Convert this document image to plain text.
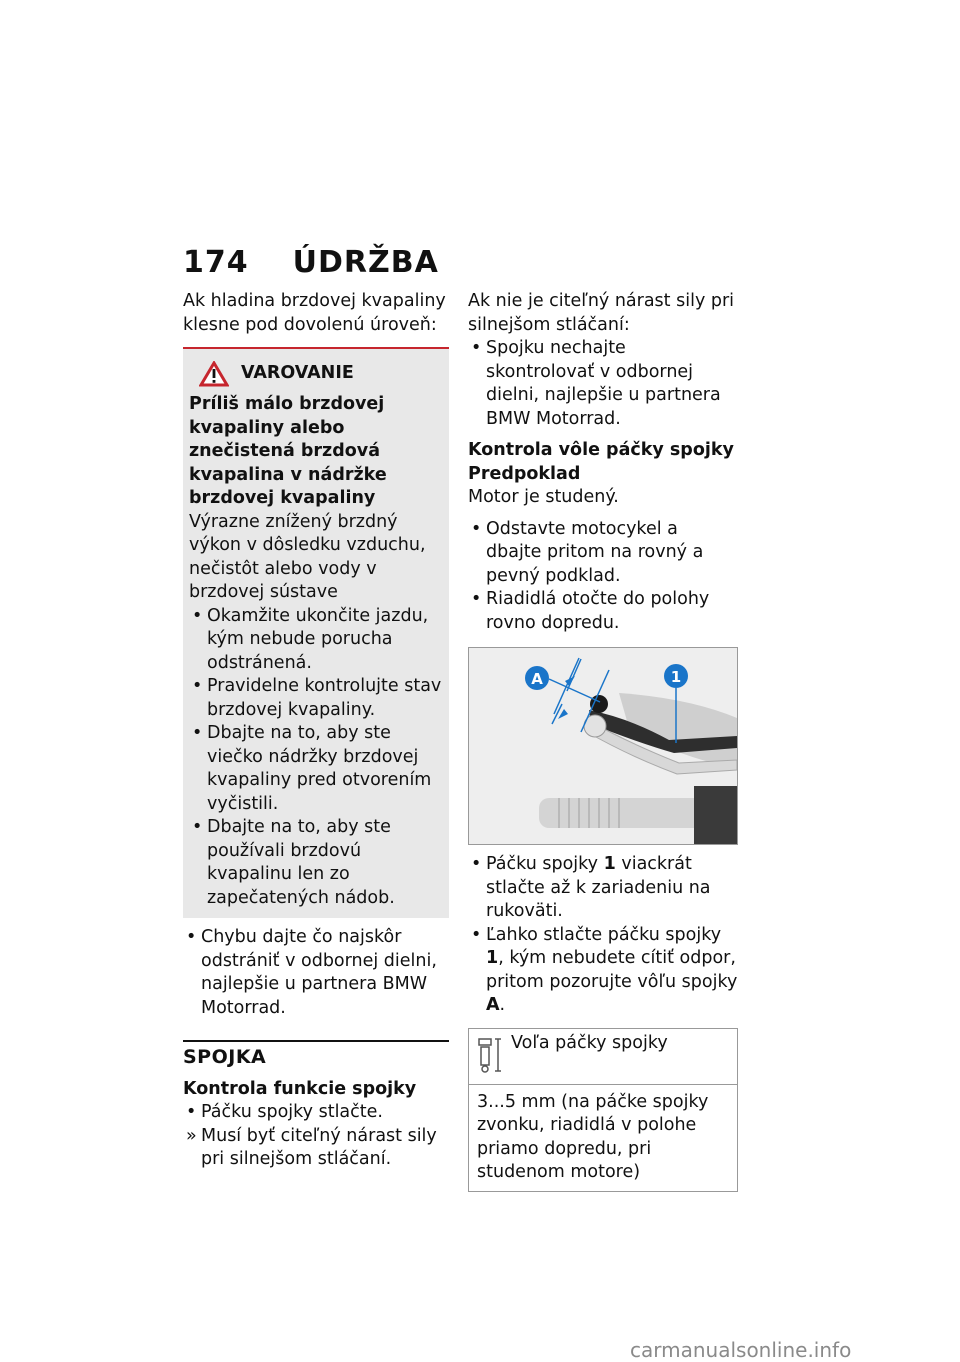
174 ÚDRŽBA

Ak hladina brzdovej kvapaliny klesne pod dovolenú úroveň:

VAROVANIE

Príliš málo brzdovej kvapaliny alebo znečistená brzdová kvapalina v nádržke brzdovej kvapaliny

Výrazne znížený brzdný výkon v dôsledku vzduchu, nečistôt alebo vody v brzdovej sústave

• Okamžite ukončite jazdu, kým nebude porucha odstránená.

• Pravidelne kontrolujte stav brzdovej kvapaliny.

• Dbajte na to, aby ste viečko nádržky brzdovej kvapaliny pred otvorením vyčistili.

• Dbajte na to, aby ste používali brzdovú kvapalinu len zo zapečatených nádob.

• Chybu dajte čo najskôr odstrániť v odbornej dielni, najlepšie u partnera BMW Motorrad.

SPOJKA

Kontrola funkcie spojky

• Páčku spojky stlačte.

» Musí byť citeľný nárast sily pri silnejšom stláčaní.

Ak nie je citeľný nárast sily pri silnejšom stláčaní:

• Spojku nechajte skontrolovať v odbornej dielni, najlepšie u partnera BMW Motorrad.

Kontrola vôle páčky spojky

Predpoklad

Motor je studený.

• Odstavte motocykel a dbajte pritom na rovný a pevný podklad.

• Riadidlá otočte do polohy rovno dopredu.

A	1

• Páčku spojky 1 viackrát stlačte až k zariadeniu na rukoväti.

• Ľahko stlačte páčku spojky 1, kým nebudete cítiť odpor, pritom pozorujte vôľu spojky A.

Voľa páčky spojky
3...5 mm (na páčke spojky zvonku, riadidlá v polohe priamo dopredu, pri studenom motore)
carmanualsonline.info
